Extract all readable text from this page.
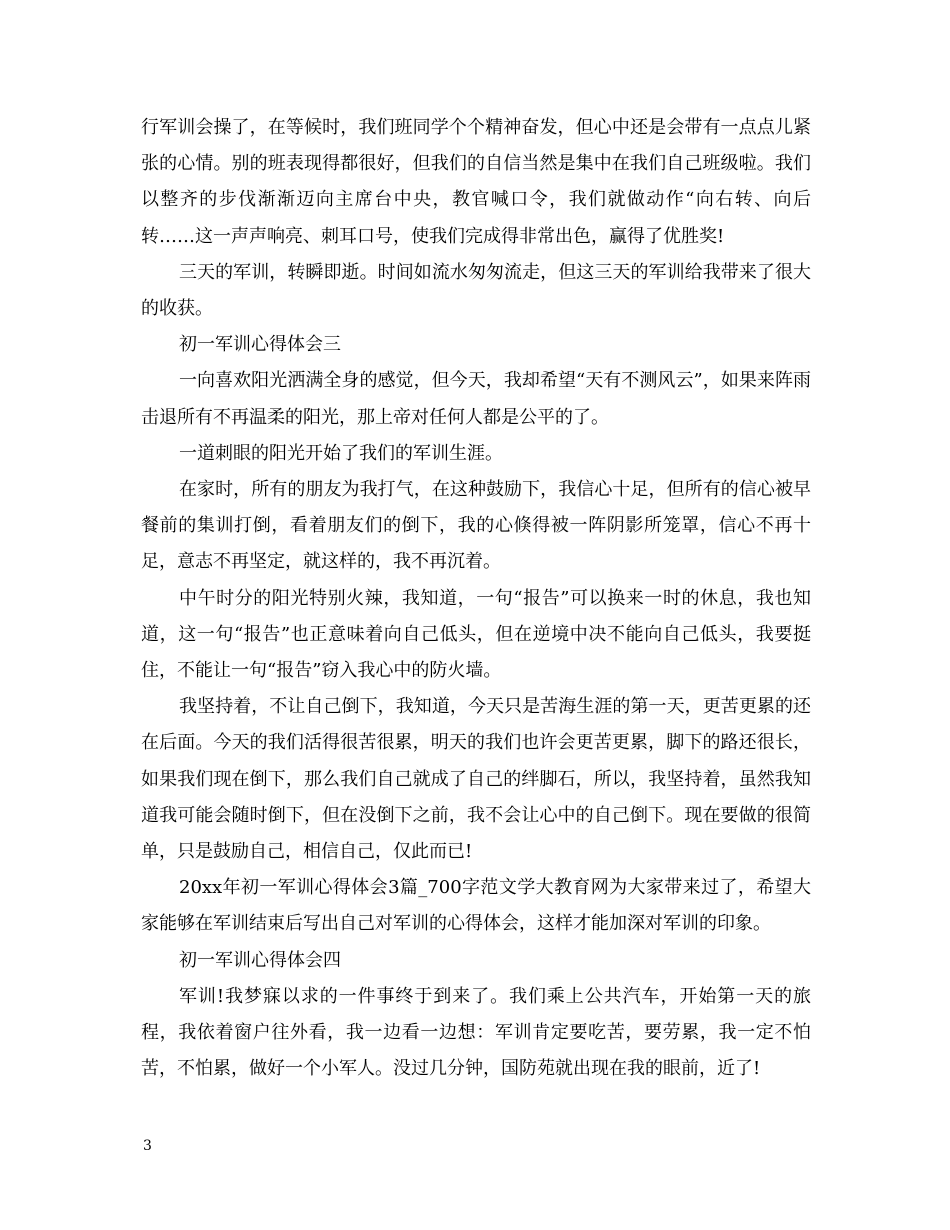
行军训会操了，在等候时，我们班同学个个精神奋发，但心中还是会带有一点点儿紧张的心情。别的班表现得都很好，但我们的自信当然是集中在我们自己班级啦。我们以整齐的步伐渐渐迈向主席台中央，教官喊口令，我们就做动作“向右转、向后转……这一声声响亮、刺耳口号，使我们完成得非常出色，赢得了优胜奖!

三天的军训，转瞬即逝。时间如流水匆匆流走，但这三天的军训给我带来了很大的收获。

初一军训心得体会三

一向喜欢阳光洒满全身的感觉，但今天，我却希望“天有不测风云”，如果来阵雨击退所有不再温柔的阳光，那上帝对任何人都是公平的了。

一道刺眼的阳光开始了我们的军训生涯。

在家时，所有的朋友为我打气，在这种鼓励下，我信心十足，但所有的信心被早餐前的集训打倒，看着朋友们的倒下，我的心倏得被一阵阴影所笼罩，信心不再十足，意志不再坚定，就这样的，我不再沉着。

中午时分的阳光特别火辣，我知道，一句“报告”可以换来一时的休息，我也知道，这一句“报告”也正意味着向自己低头，但在逆境中决不能向自己低头，我要挺住，不能让一句“报告”窃入我心中的防火墙。

我坚持着，不让自己倒下，我知道，今天只是苦海生涯的第一天，更苦更累的还在后面。今天的我们活得很苦很累，明天的我们也许会更苦更累，脚下的路还很长，如果我们现在倒下，那么我们自己就成了自己的绊脚石，所以，我坚持着，虽然我知道我可能会随时倒下，但在没倒下之前，我不会让心中的自己倒下。现在要做的很简单，只是鼓励自己，相信自己，仅此而已!

20xx年初一军训心得体会3篇_700字范文学大教育网为大家带来过了，希望大家能够在军训结束后写出自己对军训的心得体会，这样才能加深对军训的印象。

初一军训心得体会四

军训!我梦寐以求的一件事终于到来了。我们乘上公共汽车，开始第一天的旅程，我依着窗户往外看，我一边看一边想：军训肯定要吃苦，要劳累，我一定不怕苦，不怕累，做好一个小军人。没过几分钟，国防苑就出现在我的眼前，近了!

3
